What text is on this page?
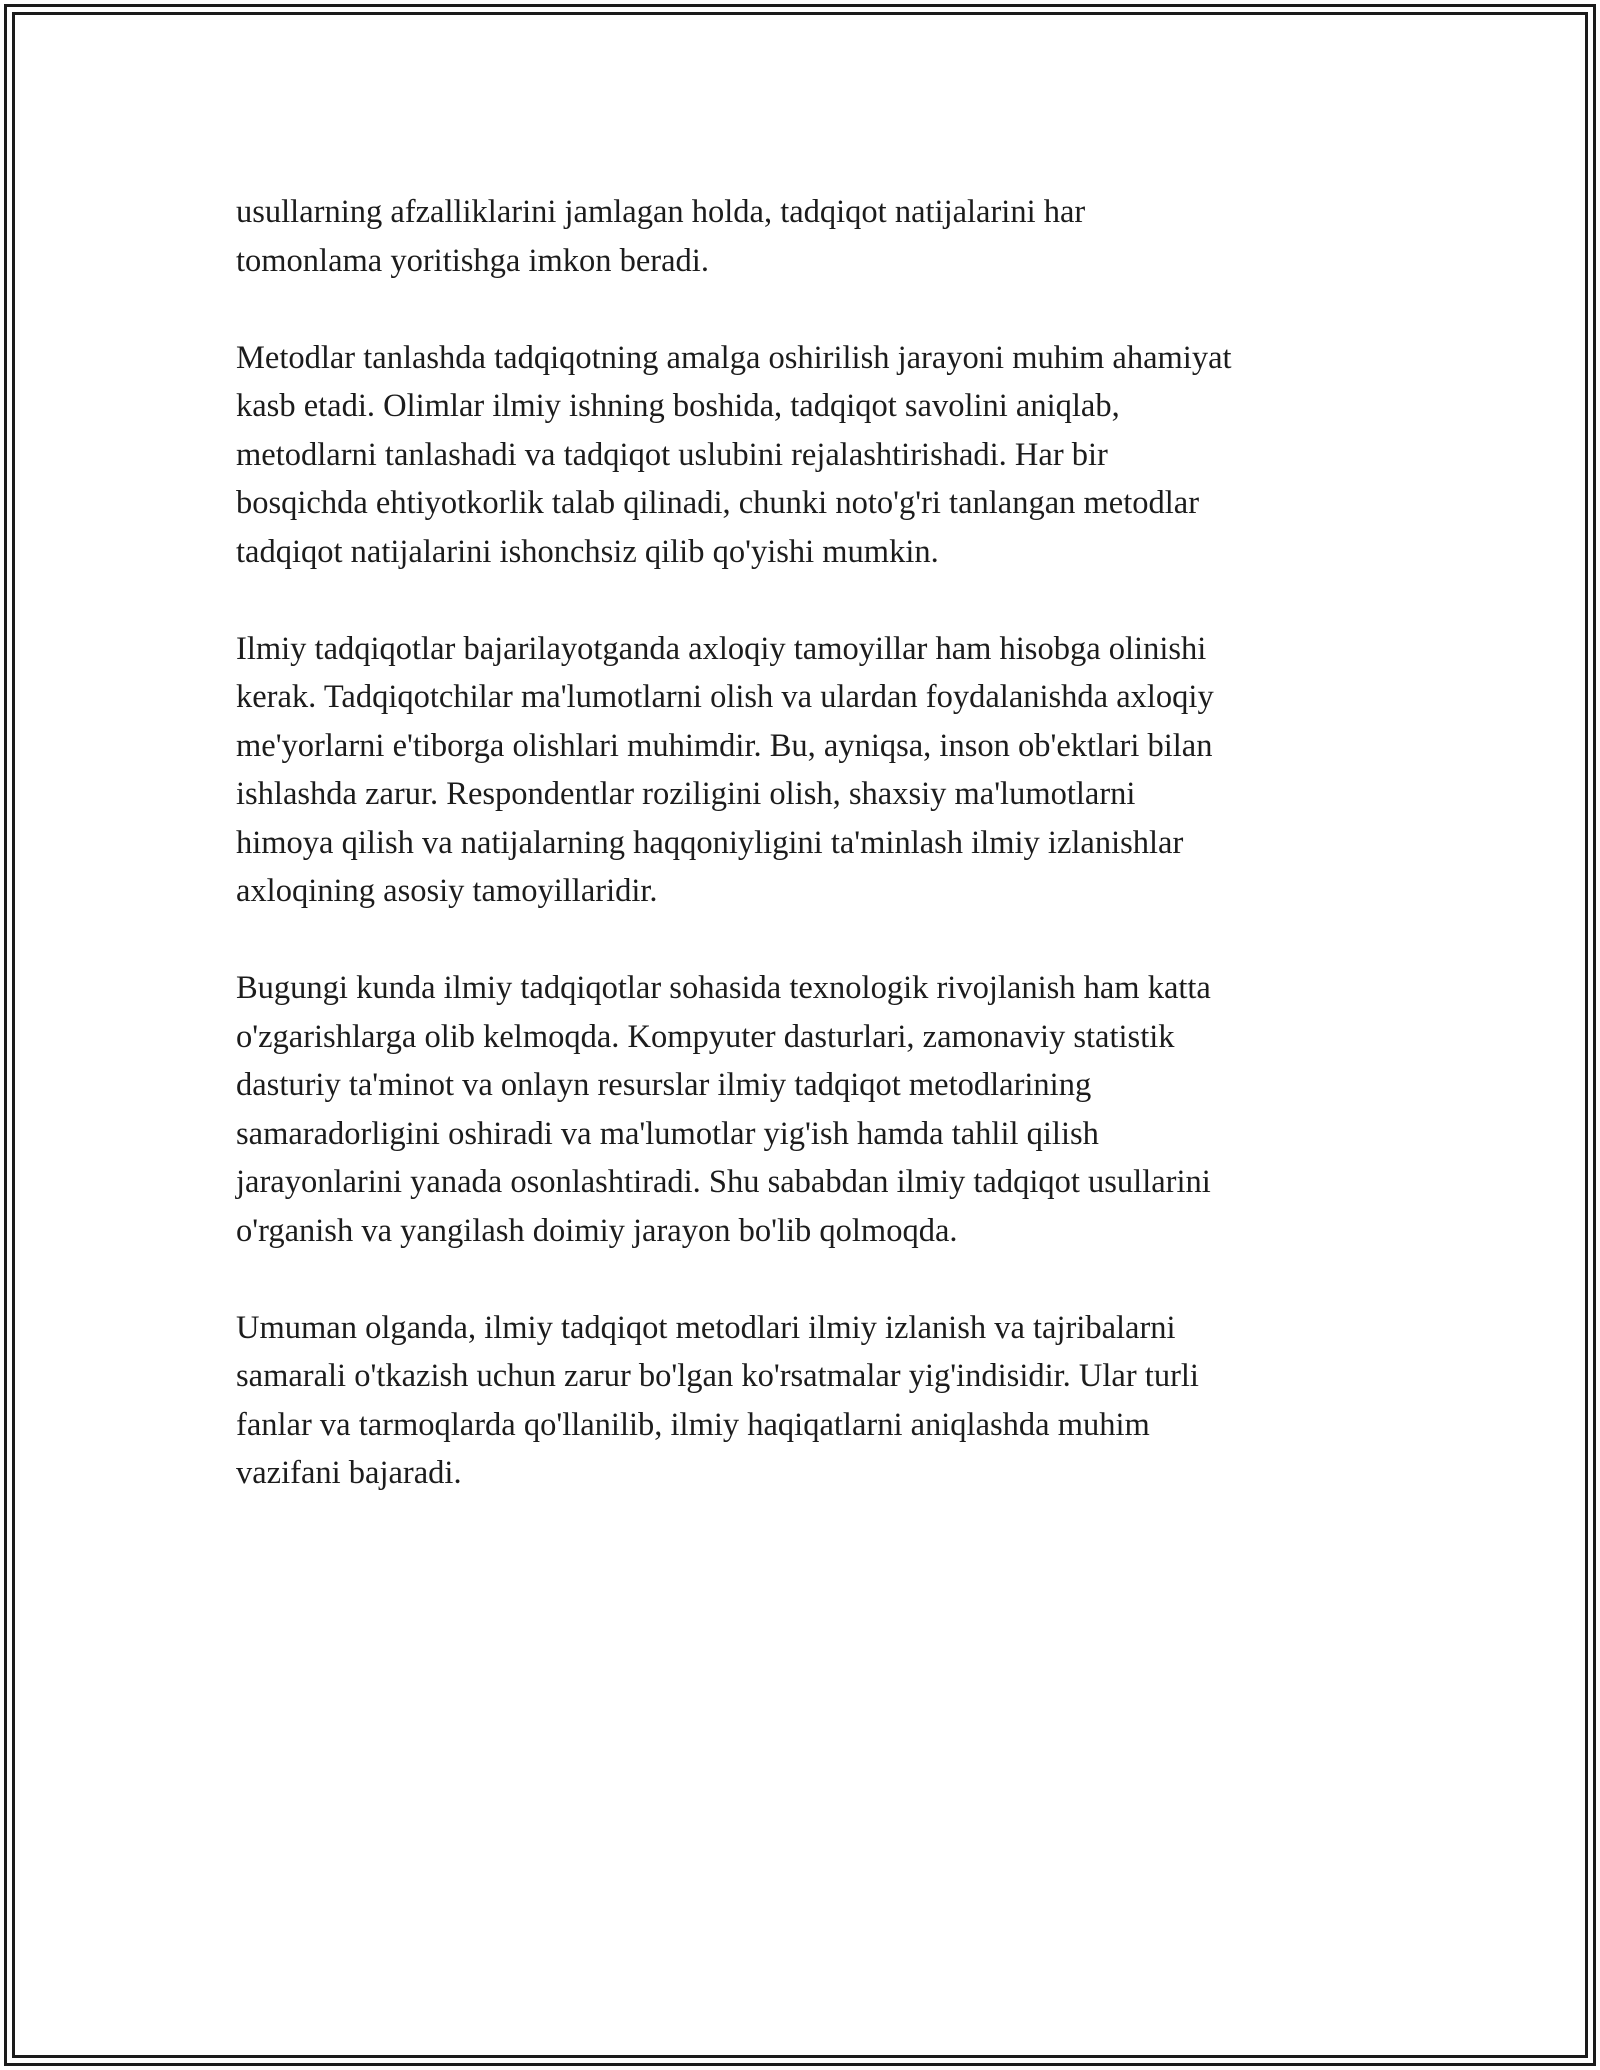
usullarning afzalliklarini jamlagan holda, tadqiqot natijalarini har
tomonlama yoritishga imkon beradi.

Metodlar tanlashda tadqiqotning amalga oshirilish jarayoni muhim ahamiyat
kasb etadi. Olimlar ilmiy ishning boshida, tadqiqot savolini aniqlab,
metodlarni tanlashadi va tadqiqot uslubini rejalashtirishadi. Har bir
bosqichda ehtiyotkorlik talab qilinadi, chunki noto'g'ri tanlangan metodlar
tadqiqot natijalarini ishonchsiz qilib qo'yishi mumkin.

Ilmiy tadqiqotlar bajarilayotganda axloqiy tamoyillar ham hisobga olinishi
kerak. Tadqiqotchilar ma'lumotlarni olish va ulardan foydalanishda axloqiy
me'yorlarni e'tiborga olishlari muhimdir. Bu, ayniqsa, inson ob'ektlari bilan
ishlashda zarur. Respondentlar roziligini olish, shaxsiy ma'lumotlarni
himoya qilish va natijalarning haqqoniyligini ta'minlash ilmiy izlanishlar
axloqining asosiy tamoyillaridir.

Bugungi kunda ilmiy tadqiqotlar sohasida texnologik rivojlanish ham katta
o'zgarishlarga olib kelmoqda. Kompyuter dasturlari, zamonaviy statistik
dasturiy ta'minot va onlayn resurslar ilmiy tadqiqot metodlarining
samaradorligini oshiradi va ma'lumotlar yig'ish hamda tahlil qilish
jarayonlarini yanada osonlashtiradi. Shu sababdan ilmiy tadqiqot usullarini
o'rganish va yangilash doimiy jarayon bo'lib qolmoqda.

Umuman olganda, ilmiy tadqiqot metodlari ilmiy izlanish va tajribalarni
samarali o'tkazish uchun zarur bo'lgan ko'rsatmalar yig'indisidir. Ular turli
fanlar va tarmoqlarda qo'llanilib, ilmiy haqiqatlarni aniqlashda muhim
vazifani bajaradi.
